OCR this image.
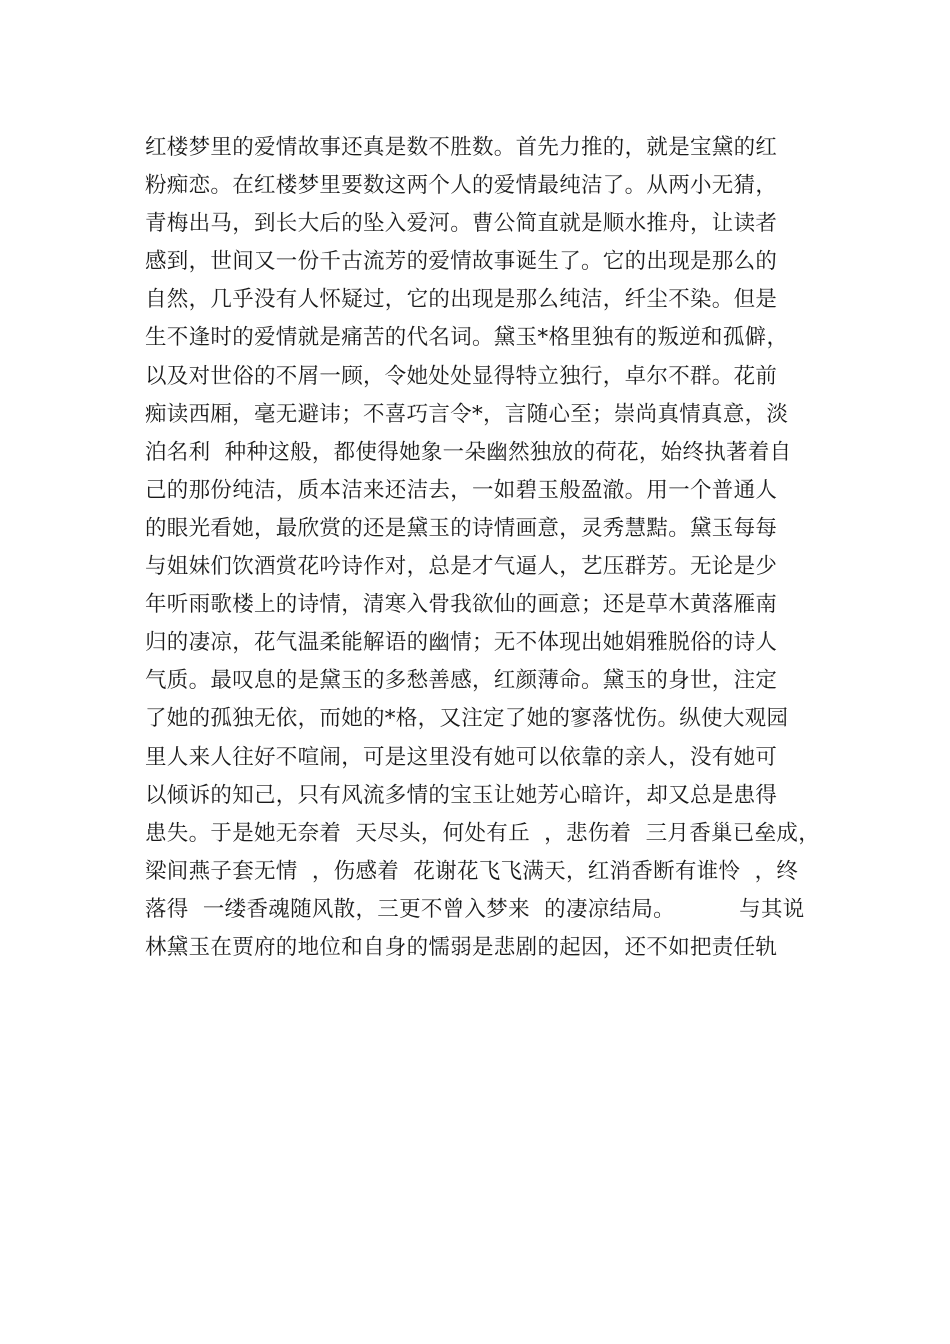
红楼梦里的爱情故事还真是数不胜数。首先力推的，就是宝黛的红
粉痴恋。在红楼梦里要数这两个人的爱情最纯洁了。从两小无猜，
青梅出马，到长大后的坠入爱河。曹公简直就是顺水推舟，让读者
感到，世间又一份千古流芳的爱情故事诞生了。它的出现是那么的
自然，几乎没有人怀疑过，它的出现是那么纯洁，纤尘不染。但是
生不逢时的爱情就是痛苦的代名词。黛玉*格里独有的叛逆和孤僻，
以及对世俗的不屑一顾，令她处处显得特立独行，卓尔不群。花前
痴读西厢，毫无避讳；不喜巧言令*，言随心至；崇尚真情真意，淡
泊名利  种种这般，都使得她象一朵幽然独放的荷花，始终执著着自
己的那份纯洁，质本洁来还洁去，一如碧玉般盈澈。用一个普通人
的眼光看她，最欣赏的还是黛玉的诗情画意，灵秀慧黠。黛玉每每
与姐妹们饮酒赏花吟诗作对，总是才气逼人，艺压群芳。无论是少
年听雨歌楼上的诗情，清寒入骨我欲仙的画意；还是草木黄落雁南
归的凄凉，花气温柔能解语的幽情；无不体现出她娟雅脱俗的诗人
气质。最叹息的是黛玉的多愁善感，红颜薄命。黛玉的身世，注定
了她的孤独无依，而她的*格，又注定了她的寥落忧伤。纵使大观园
里人来人往好不喧闹，可是这里没有她可以依靠的亲人，没有她可
以倾诉的知己，只有风流多情的宝玉让她芳心暗许，却又总是患得
患失。于是她无奈着  天尽头，何处有丘  ，悲伤着  三月香巢已垒成，
梁间燕子套无情  ，伤感着  花谢花飞飞满天，红消香断有谁怜  ，终
落得  一缕香魂随风散，三更不曾入梦来  的凄凉结局。         与其说
林黛玉在贾府的地位和自身的懦弱是悲剧的起因，还不如把责任轨
